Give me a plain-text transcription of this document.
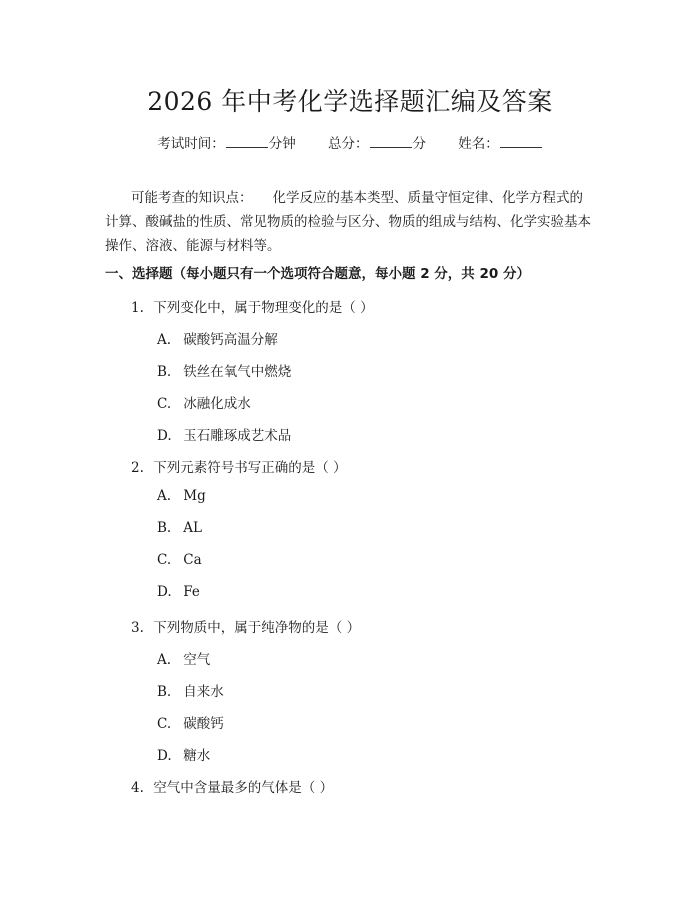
2026 年中考化学选择题汇编及答案
考试时间：	分钟 总分：	分 姓名：

可能考查的知识点： 化学反应的基本类型、质量守恒定律、化学方程式的计算、酸碱盐的性质、常见物质的检验与区分、物质的组成与结构、化学实验基本操作、溶液、能源与材料等。

一、选择题（每小题只有一个选项符合题意，每小题 2 分，共 20 分）
1. 下列变化中，属于物理变化的是（ ）
A. 碳酸钙高温分解
B. 铁丝在氧气中燃烧
C. 冰融化成水
D. 玉石雕琢成艺术品
2. 下列元素符号书写正确的是（ ）
A. Mg
B. AL
C. Ca
D. Fe
3. 下列物质中，属于纯净物的是（ ）
A. 空气
B. 自来水
C. 碳酸钙
D. 糖水
4. 空气中含量最多的气体是（ ）
